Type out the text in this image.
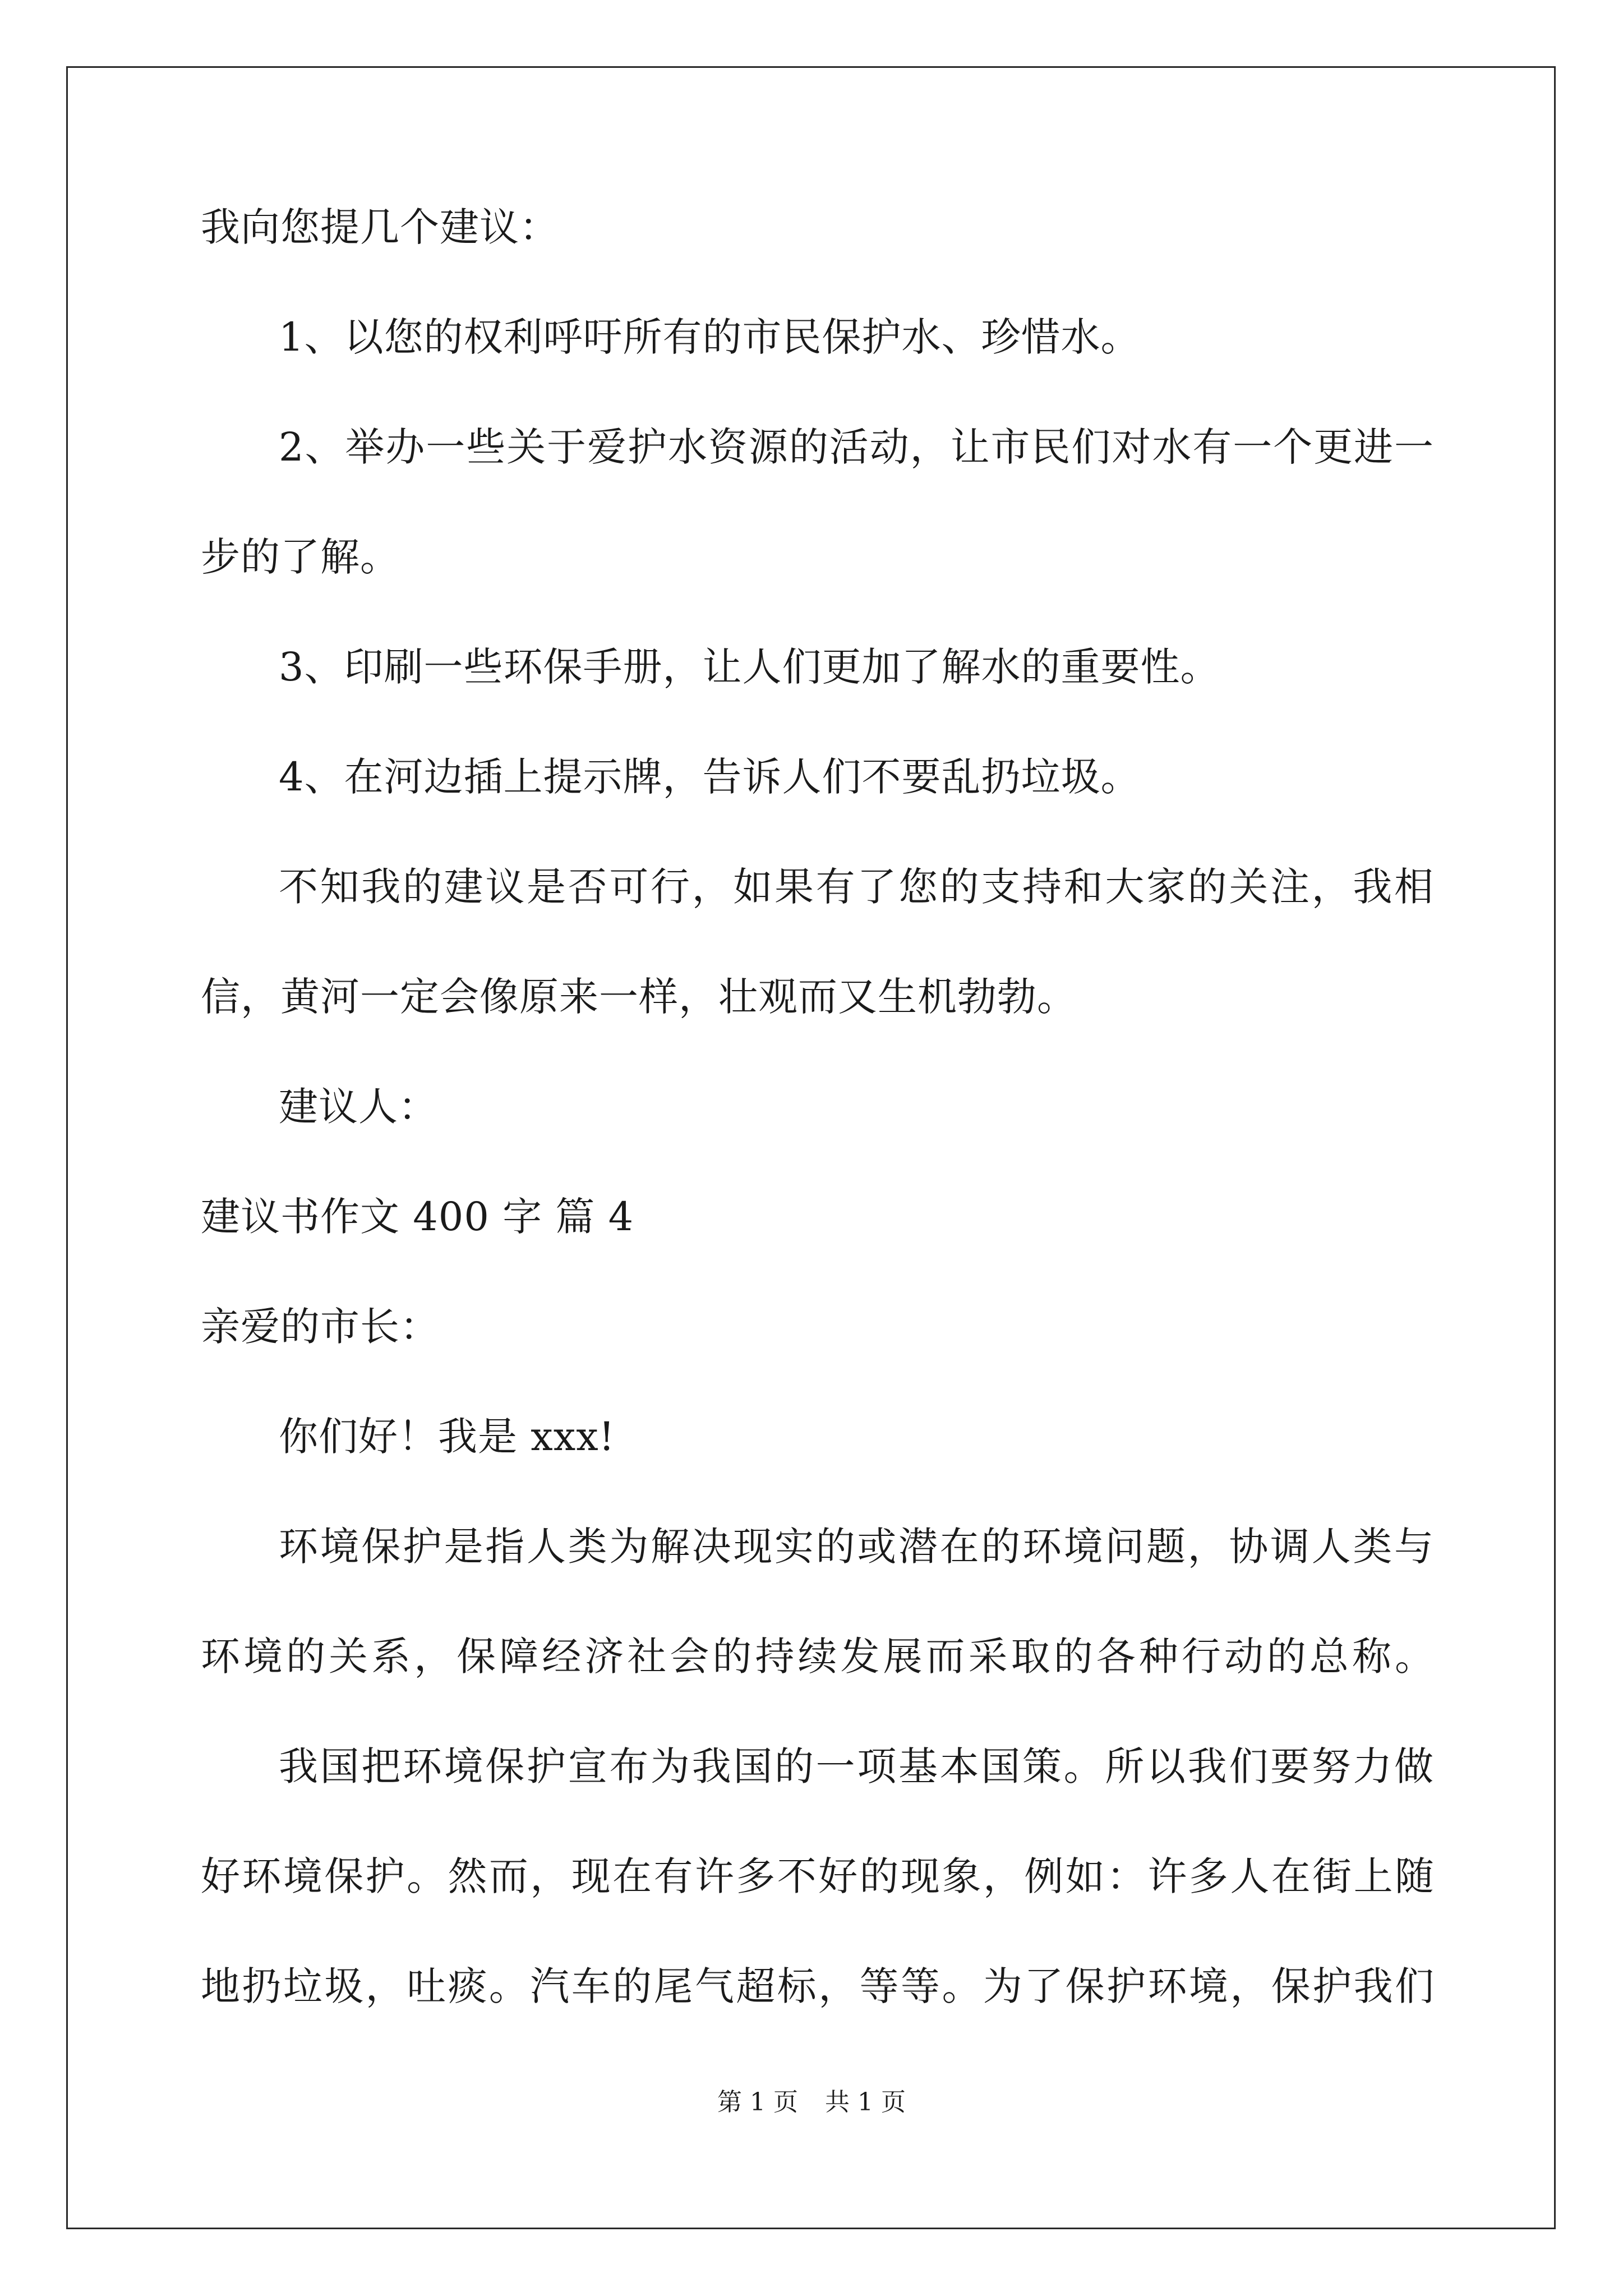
我向您提几个建议：
1、以您的权利呼吁所有的市民保护水、珍惜水。
2、举办一些关于爱护水资源的活动，让市民们对水有一个更进一
步的了解。
3、印刷一些环保手册，让人们更加了解水的重要性。
4、在河边插上提示牌，告诉人们不要乱扔垃圾。
不知我的建议是否可行，如果有了您的支持和大家的关注，我相
信，黄河一定会像原来一样，壮观而又生机勃勃。
建议人：
建议书作文 400 字 篇 4
亲爱的市长：
你们好！我是 xxx!
环境保护是指人类为解决现实的或潜在的环境问题，协调人类与
环境的关系，保障经济社会的持续发展而采取的各种行动的总称。
我国把环境保护宣布为我国的一项基本国策。所以我们要努力做
好环境保护。然而，现在有许多不好的现象，例如：许多人在街上随
地扔垃圾，吐痰。汽车的尾气超标，等等。为了保护环境，保护我们
第 1 页 共 1 页
